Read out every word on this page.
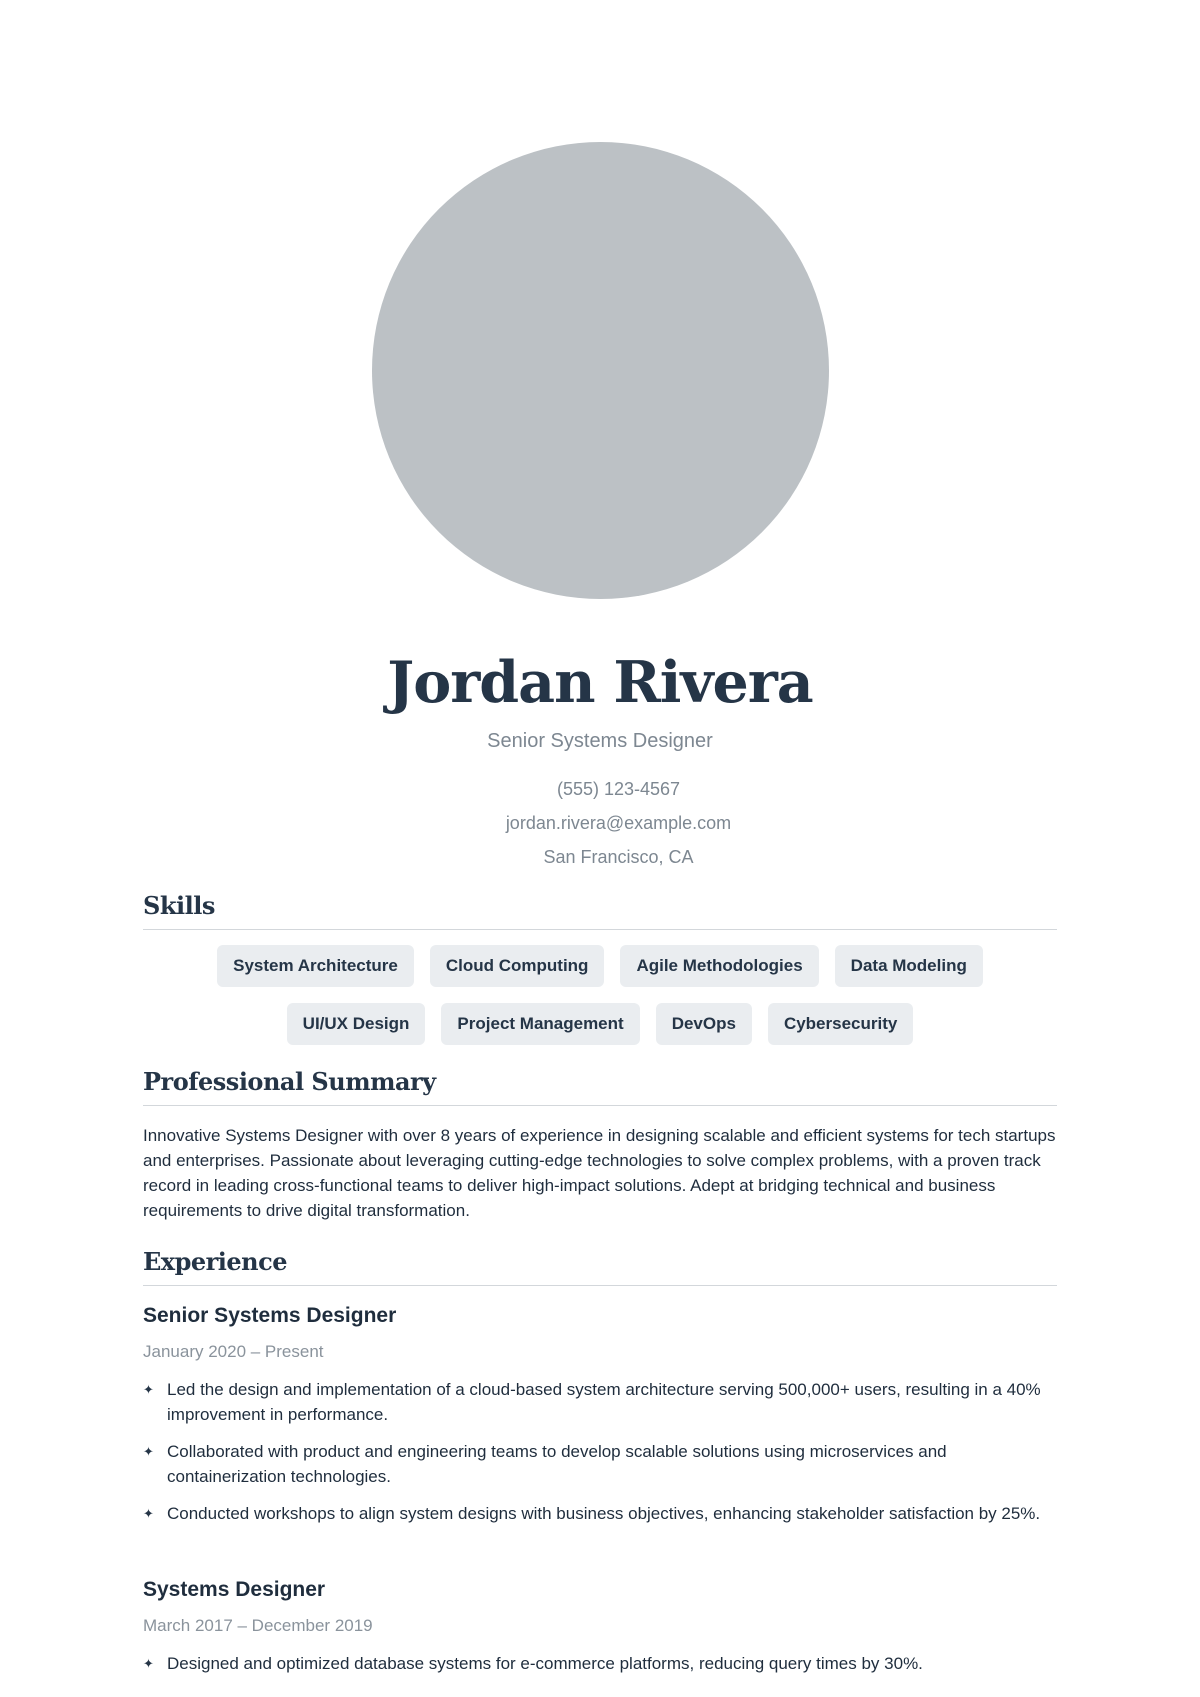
Jordan Rivera
Senior Systems Designer
(555) 123-4567
jordan.rivera@example.com
San Francisco, CA
Skills
System Architecture	Cloud Computing	Agile Methodologies	Data Modeling
UI/UX Design	Project Management	DevOps	Cybersecurity
Professional Summary

Innovative Systems Designer with over 8 years of experience in designing scalable and efficient systems for tech startups and enterprises. Passionate about leveraging cutting-edge technologies to solve complex problems, with a proven track record in leading cross-functional teams to deliver high-impact solutions. Adept at bridging technical and business requirements to drive digital transformation.

Experience
Senior Systems Designer
January 2020 – Present
✦ Led the design and implementation of a cloud-based system architecture serving 500,000+ users, resulting in a 40% improvement in performance.
✦ Collaborated with product and engineering teams to develop scalable solutions using microservices and containerization technologies.
✦ Conducted workshops to align system designs with business objectives, enhancing stakeholder satisfaction by 25%.
Systems Designer
March 2017 – December 2019
✦ Designed and optimized database systems for e-commerce platforms, reducing query times by 30%.
